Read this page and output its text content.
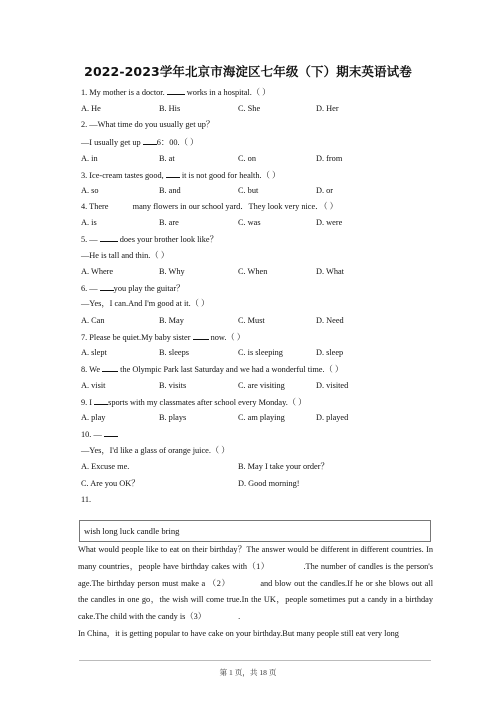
2022-2023学年北京市海淀区七年级（下）期末英语试卷
1. My mother is a doctor.  works in a hospital.（ ）
A. He	B. His	C. She	D. Her
2. —What time do you usually get up？
—I usually get up 6：00.（ ）
A. in	B. at	C. on	D. from
3. Ice-cream tastes good,  it is not good for health.（ ）
A. so	B. and	C. but	D. or
4. There  many flowers in our school yard．They look very nice．（ ）
A. is	B. are	C. was	D. were
5. —  does your brother look like？
—He is tall and thin.（ ）
A. Where	B. Why	C. When	D. What
6. — you play the guitar？
—Yes，I can.And I'm good at it.（ ）
A. Can	B. May	C. Must	D. Need
7. Please be quiet.My baby sister  now.（ ）
A. slept	B. sleeps	C. is sleeping	D. sleep
8. We  the Olympic Park last Saturday and we had a wonderful time.（ ）
A. visit	B. visits	C. are visiting	D. visited
9. I sports with my classmates after school every Monday.（ ）
A. play	B. plays	C. am playing	D. played
10. —
—Yes，I'd like a glass of orange juice.（ ）
A. Excuse me.	B. May I take your order？
C. Are you OK？	D. Good morning!
11.
wish long luck candle bring

What would people like to eat on their birthday？The answer would be different in different countries. In many countries，people have birthday cakes with（1）	.The number of candles is the person's age.The birthday person must make a （2）	and blow out the candles.If he or she blows out all the candles in one go，the wish will come true.In the UK，people sometimes put a candy in a birthday cake.The child with the candy is（3）	.

In China，it is getting popular to have cake on your birthday.But many people still eat very long

第 1 页，共 18 页
